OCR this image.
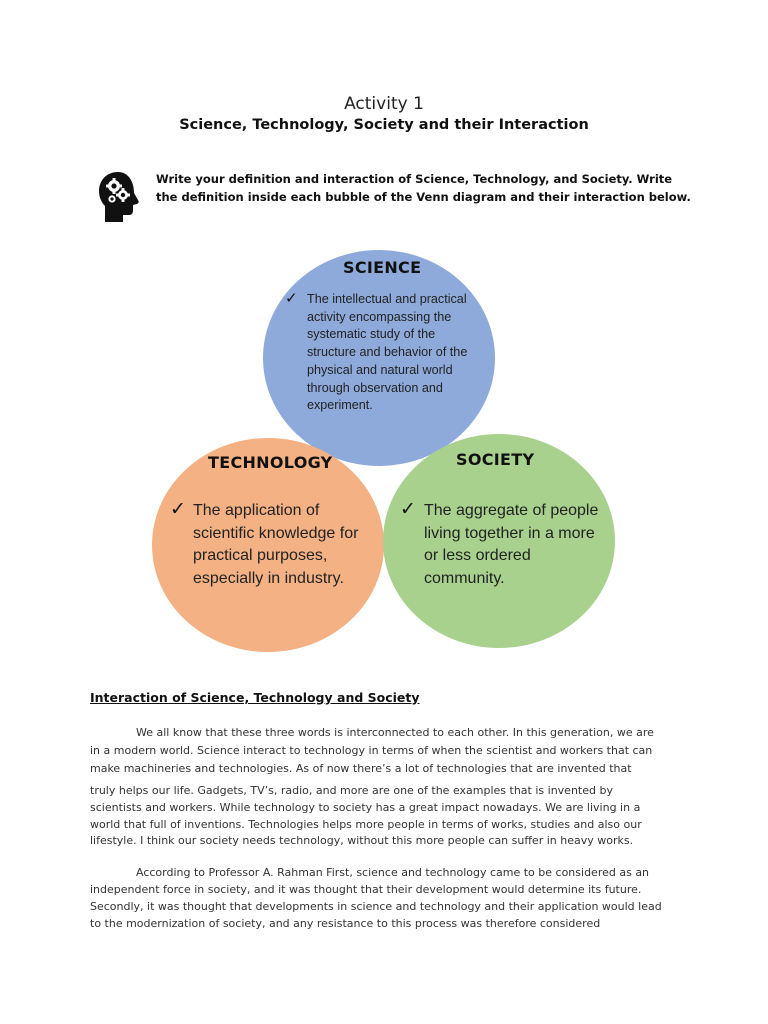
Activity 1
Science, Technology, Society and their Interaction
Write your definition and interaction of Science, Technology, and Society. Write the definition inside each bubble of the Venn diagram and their interaction below.
SCIENCE
✓ The intellectual and practical activity encompassing the systematic study of the structure and behavior of the physical and natural world through observation and experiment.
TECHNOLOGY
✓ The application of scientific knowledge for practical purposes, especially in industry.
SOCIETY
✓ The aggregate of people living together in a more or less ordered community.
Interaction of Science, Technology and Society
We all know that these three words is interconnected to each other. In this generation, we are
in a modern world. Science interact to technology in terms of when the scientist and workers that can
make machineries and technologies. As of now there’s a lot of technologies that are invented that
truly helps our life. Gadgets, TV’s, radio, and more are one of the examples that is invented by
scientists and workers. While technology to society has a great impact nowadays. We are living in a
world that full of inventions. Technologies helps more people in terms of works, studies and also our
lifestyle. I think our society needs technology, without this more people can suffer in heavy works.
According to Professor A. Rahman First, science and technology came to be considered as an
independent force in society, and it was thought that their development would determine its future.
Secondly, it was thought that developments in science and technology and their application would lead
to the modernization of society, and any resistance to this process was therefore considered
